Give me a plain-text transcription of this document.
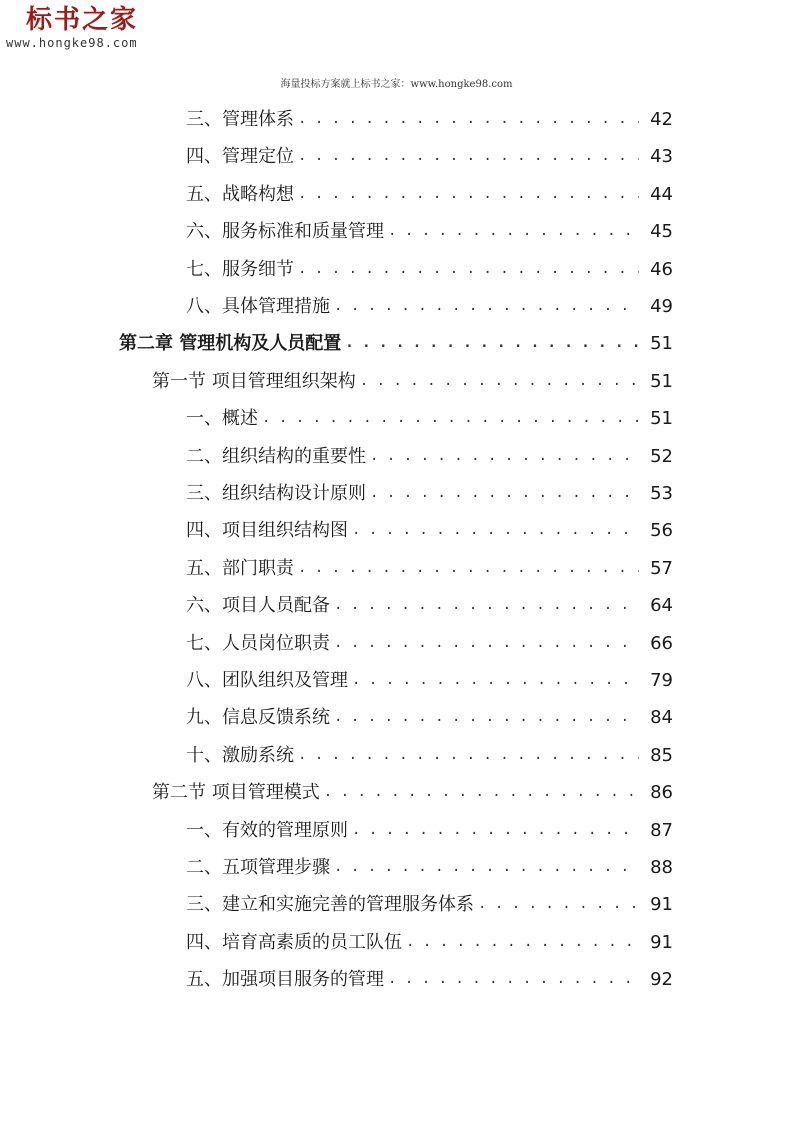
标书之家
www.hongke98.com
海量投标方案就上标书之家：www.hongke98.com
三、管理体系 . . .	42
四、管理定位 . . .	43
五、战略构想 . . .	44
六、服务标准和质量管理 . . .	45
七、服务细节 . . .	46
八、具体管理措施 . . .	49
第二章 管理机构及人员配置 . . .	51
第一节 项目管理组织架构 . . .	51
一、概述 . . .	51
二、组织结构的重要性 . . .	52
三、组织结构设计原则 . . .	53
四、项目组织结构图 . . .	56
五、部门职责 . . .	57
六、项目人员配备 . . .	64
七、人员岗位职责 . . .	66
八、团队组织及管理 . . .	79
九、信息反馈系统 . . .	84
十、激励系统 . . .	85
第二节 项目管理模式 . . .	86
一、有效的管理原则 . . .	87
二、五项管理步骤 . . .	88
三、建立和实施完善的管理服务体系 . . .	91
四、培育高素质的员工队伍 . . .	91
五、加强项目服务的管理 . . .	92
